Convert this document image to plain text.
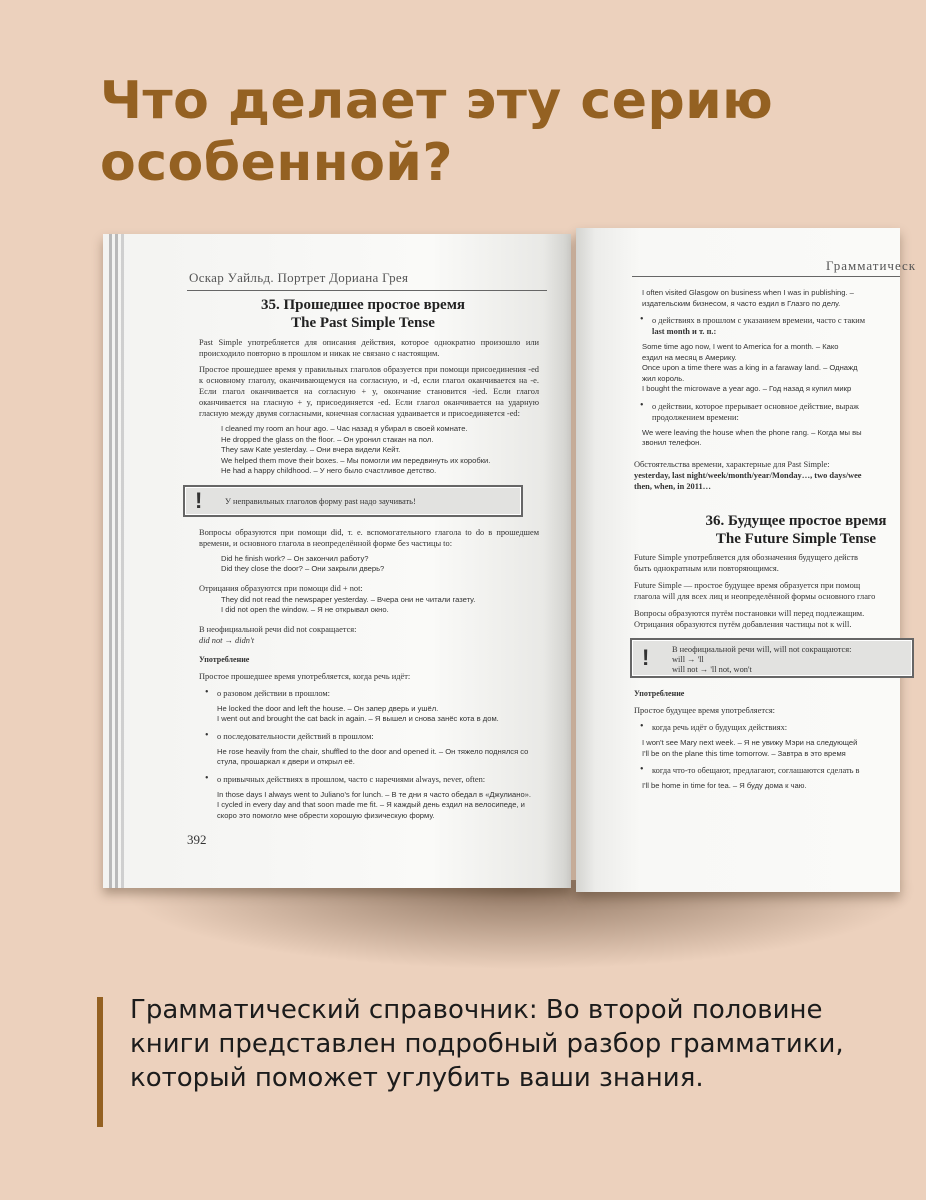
Что делает эту серию особенной?
Оскар Уайльд. Портрет Дориана Грея
35. Прошедшее простое время
The Past Simple Tense

Past Simple употребляется для описания действия, которое однократно произошло или происходило повторно в прошлом и никак не связано с настоящим.

Простое прошедшее время у правильных глаголов образуется при помощи присоединения -ed к основному глаголу, оканчивающемуся на согласную, и -d, если глагол оканчивается на -e. Если глагол оканчивается на согласную + y, окончание становится -ied. Если глагол оканчивается на гласную + y, присоединяется -ed. Если глагол оканчивается на ударную гласную между двумя согласными, конечная согласная удваивается и присоединяется -ed:

I cleaned my room an hour ago. – Час назад я убирал в своей комнате.
He dropped the glass on the floor. – Он уронил стакан на пол.
They saw Kate yesterday. – Они вчера видели Кейт.
We helped them move their boxes. – Мы помогли им передвинуть их коробки.
He had a happy childhood. – У него было счастливое детство.
!	У неправильных глаголов форму past надо заучивать!

Вопросы образуются при помощи did, т. е. вспомогательного глагола to do в прошедшем времени, и основного глагола в неопределённой форме без частицы to:

Did he finish work? – Он закончил работу?
Did they close the door? – Они закрыли дверь?

Отрицания образуются при помощи did + not:

They did not read the newspaper yesterday. – Вчера они не читали газету.
I did not open the window. – Я не открывал окно.

В неофициальной речи did not сокращается:

did not → didn't
Употребление

Простое прошедшее время употребляется, когда речь идёт:

• о разовом действии в прошлом:
He locked the door and left the house. – Он запер дверь и ушёл.
I went out and brought the cat back in again. – Я вышел и снова занёс кота в дом.
• о последовательности действий в прошлом:
He rose heavily from the chair, shuffled to the door and opened it. – Он тяжело поднялся со стула, прошаркал к двери и открыл её.
• о привычных действиях в прошлом, часто с наречиями always, never, often:
In those days I always went to Juliano's for lunch. – В те дни я часто обедал в «Джулиано».
I cycled in every day and that soon made me fit. – Я каждый день ездил на велосипеде, и скоро это помогло мне обрести хорошую физическую форму.
392
Грамматическ
I often visited Glasgow on business when I was in publishing. –
издательским бизнесом, я часто ездил в Глазго по делу.
• о действиях в прошлом с указанием времени, часто с таким
last month и т. п.:
Some time ago now, I went to America for a month. – Како
ездил на месяц в Америку.
Once upon a time there was a king in a faraway land. – Однажд
жил король.
I bought the microwave a year ago. – Год назад я купил микр
• о действии, которое прерывает основное действие, выраж
продолжением времени:
We were leaving the house when the phone rang. – Когда мы вы
звонил телефон.

Обстоятельства времени, характерные для Past Simple:

yesterday, last night/week/month/year/Monday…, two days/wee
then, when, in 2011…
36. Будущее простое время
The Future Simple Tense

Future Simple употребляется для обозначения будущего действ
быть однократным или повторяющимся.

Future Simple — простое будущее время образуется при помощ
глагола will для всех лиц и неопределённой формы основного глаго

Вопросы образуются путём постановки will перед подлежащим.
Отрицания образуются путём добавления частицы not к will.

!	В неофициальной речи will, will not сокращаются:
will → 'll
will not → 'll not, won't
Употребление

Простое будущее время употребляется:

• когда речь идёт о будущих действиях:
I won't see Mary next week. – Я не увижу Мэри на следующей
I'll be on the plane this time tomorrow. – Завтра в это время
• когда что-то обещают, предлагают, соглашаются сделать в
I'll be home in time for tea. – Я буду дома к чаю.

Грамматический справочник: Во второй половине книги представлен подробный разбор грамматики, который поможет углубить ваши знания.
